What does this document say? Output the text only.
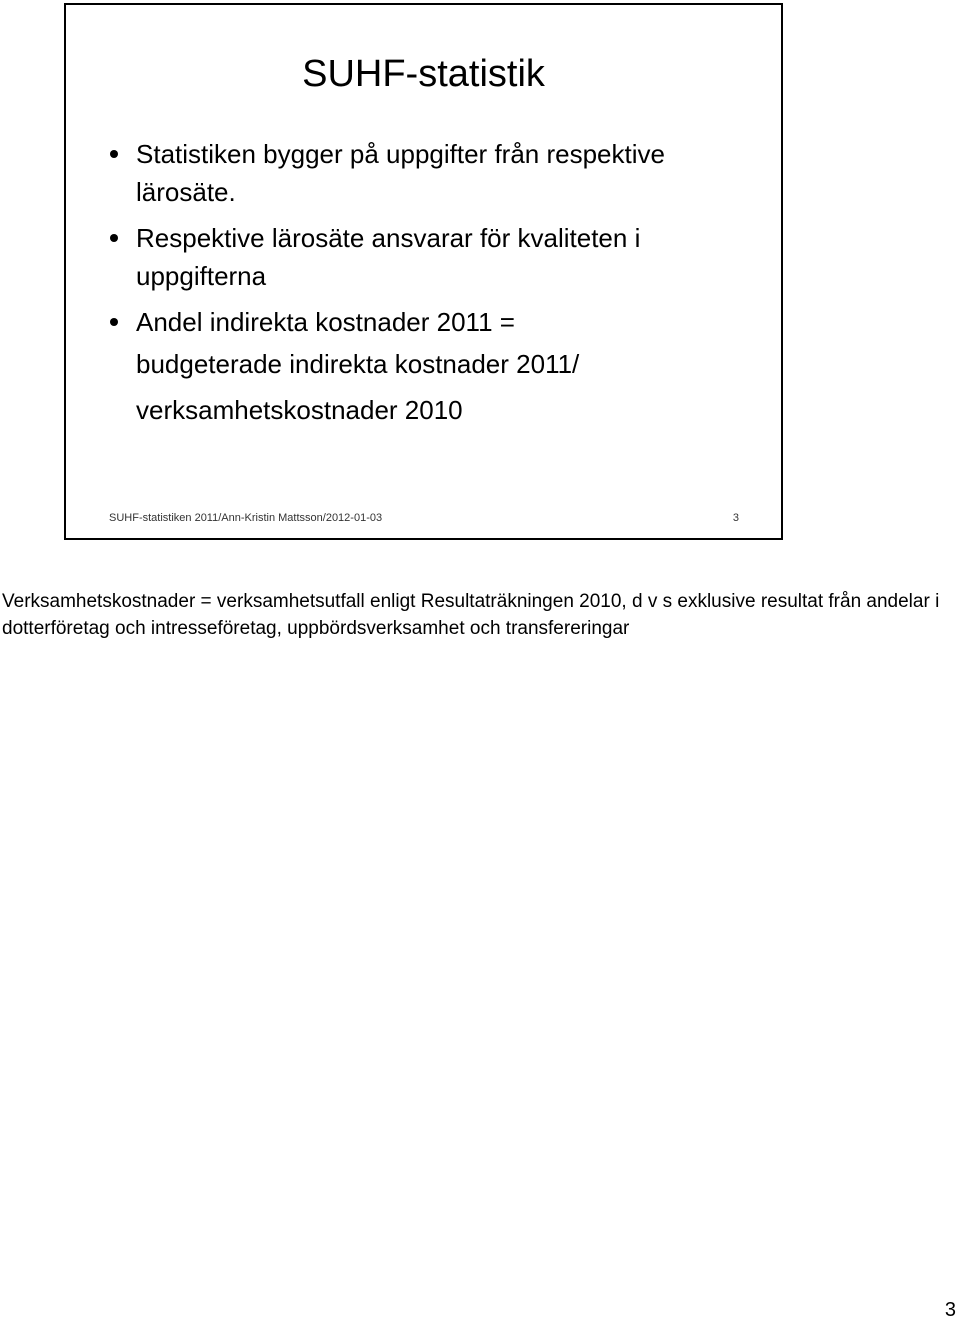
SUHF-statistik
Statistiken bygger på uppgifter från respektive lärosäte.
Respektive lärosäte ansvarar för kvaliteten i uppgifterna
Andel indirekta kostnader 2011 =
budgeterade indirekta kostnader 2011/
verksamhetskostnader 2010
SUHF-statistiken 2011/Ann-Kristin Mattsson/2012-01-03	3
Verksamhetskostnader = verksamhetsutfall enligt Resultaträkningen 2010, d v s exklusive resultat från andelar i dotterföretag och intresseföretag, uppbördsverksamhet och transfereringar
3
